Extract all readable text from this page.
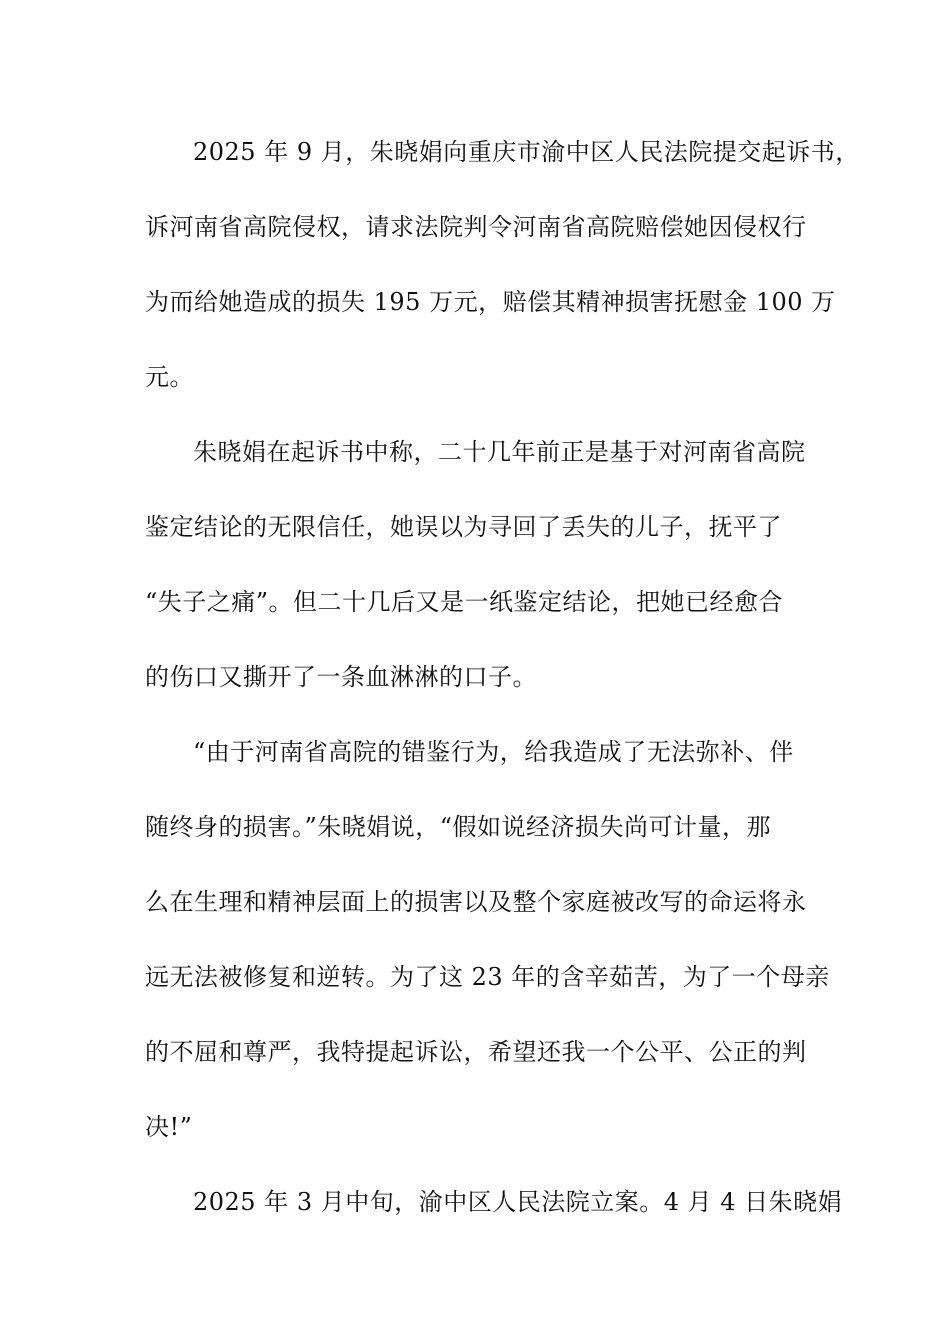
2025 年 9 月，朱晓娟向重庆市渝中区人民法院提交起诉书，
诉河南省高院侵权，请求法院判令河南省高院赔偿她因侵权行
为而给她造成的损失 195 万元，赔偿其精神损害抚慰金 100 万
元。
朱晓娟在起诉书中称，二十几年前正是基于对河南省高院
鉴定结论的无限信任，她误以为寻回了丢失的儿子，抚平了
“失子之痛”。但二十几后又是一纸鉴定结论，把她已经愈合
的伤口又撕开了一条血淋淋的口子。
“由于河南省高院的错鉴行为，给我造成了无法弥补、伴
随终身的损害。”朱晓娟说，“假如说经济损失尚可计量，那
么在生理和精神层面上的损害以及整个家庭被改写的命运将永
远无法被修复和逆转。为了这 23 年的含辛茹苦，为了一个母亲
的不屈和尊严，我特提起诉讼，希望还我一个公平、公正的判
决!”
2025 年 3 月中旬，渝中区人民法院立案。4 月 4 日朱晓娟
